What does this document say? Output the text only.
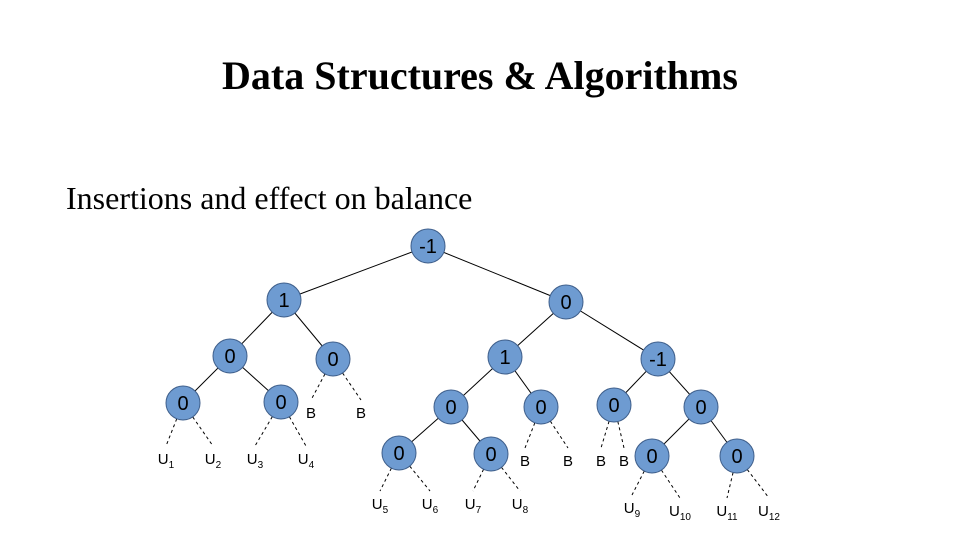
Data Structures & Algorithms
Insertions and effect on balance
-1
1	0
0	0	1	-1
0	0	0	0	0	0
0	0	0	0
$U_1$ $U_2$ $U_3$ $U_4$
B	B
$U_5$ $U_6$ $U_7$ $U_8$
B B B B
$U_9$ $U_{10}$ $U_{11}$ $U_{12}$
